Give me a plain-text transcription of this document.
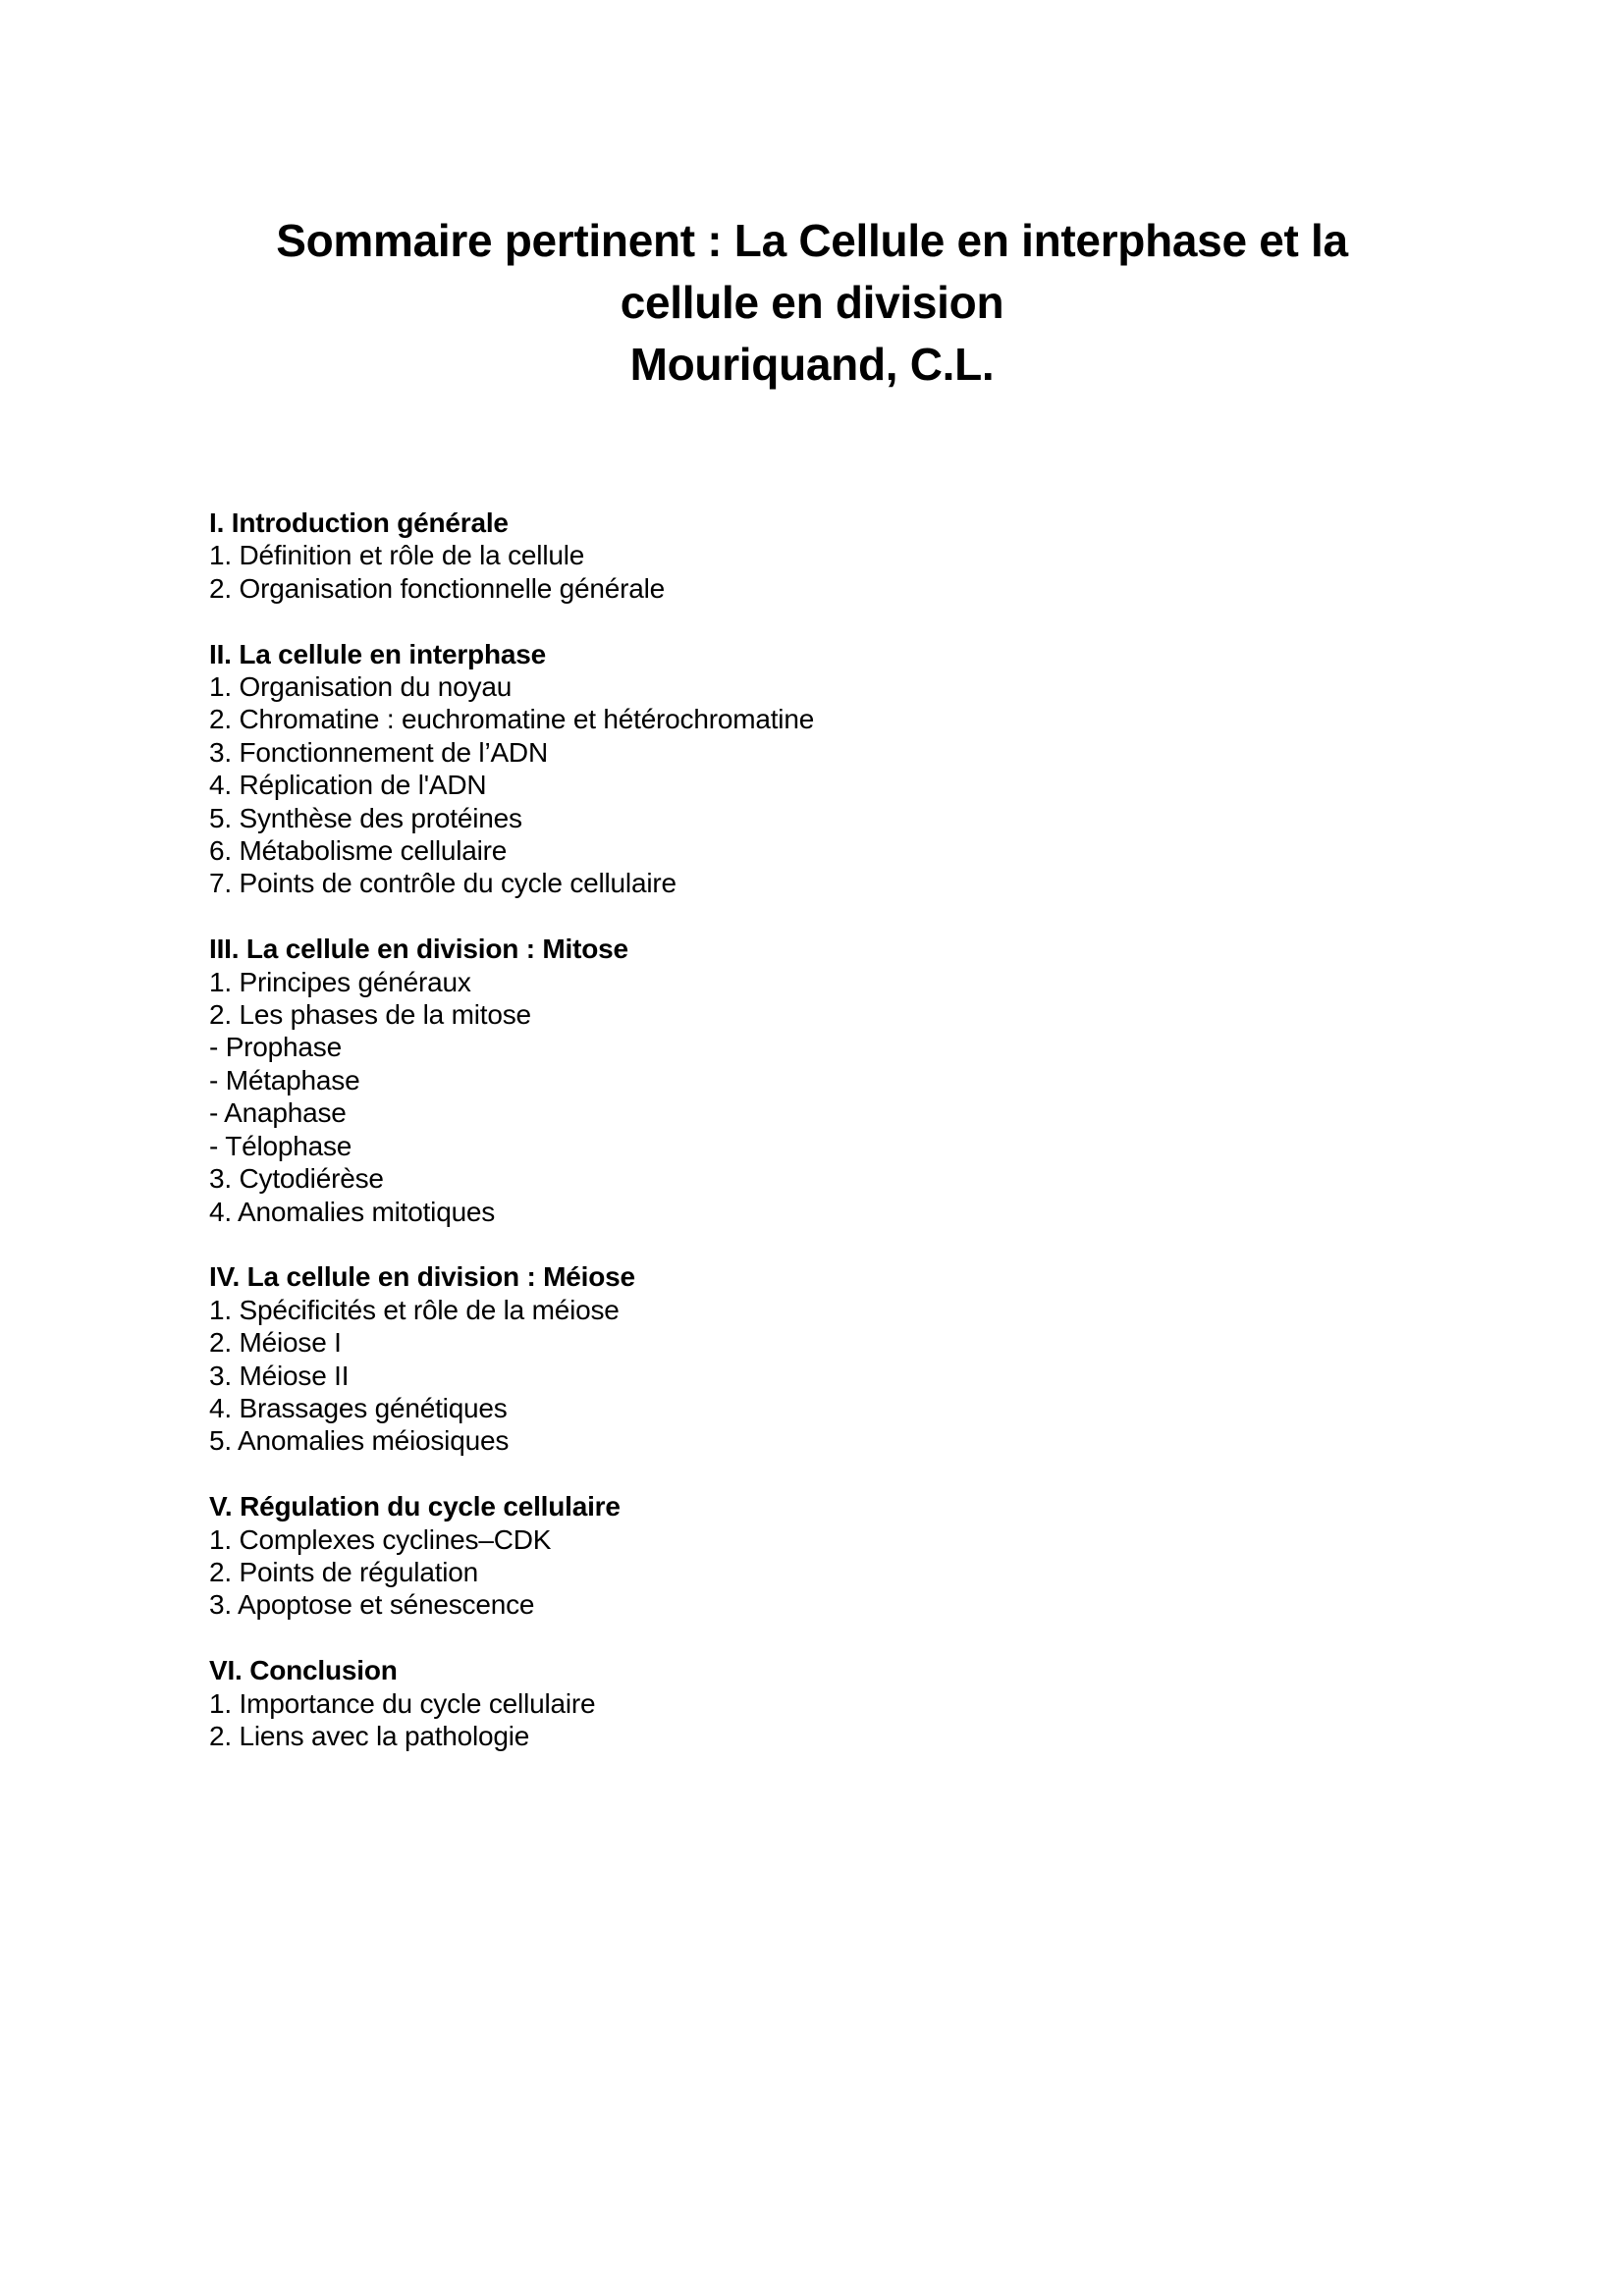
Sommaire pertinent : La Cellule en interphase et la
cellule en division
Mouriquand, C.L.
I. Introduction générale
1. Définition et rôle de la cellule
2. Organisation fonctionnelle générale
II. La cellule en interphase
1. Organisation du noyau
2. Chromatine : euchromatine et hétérochromatine
3. Fonctionnement de l’ADN
4. Réplication de l'ADN
5. Synthèse des protéines
6. Métabolisme cellulaire
7. Points de contrôle du cycle cellulaire
III. La cellule en division : Mitose
1. Principes généraux
2. Les phases de la mitose
- Prophase
- Métaphase
- Anaphase
- Télophase
3. Cytodiérèse
4. Anomalies mitotiques
IV. La cellule en division : Méiose
1. Spécificités et rôle de la méiose
2. Méiose I
3. Méiose II
4. Brassages génétiques
5. Anomalies méiosiques
V. Régulation du cycle cellulaire
1. Complexes cyclines–CDK
2. Points de régulation
3. Apoptose et sénescence
VI. Conclusion
1. Importance du cycle cellulaire
2. Liens avec la pathologie
